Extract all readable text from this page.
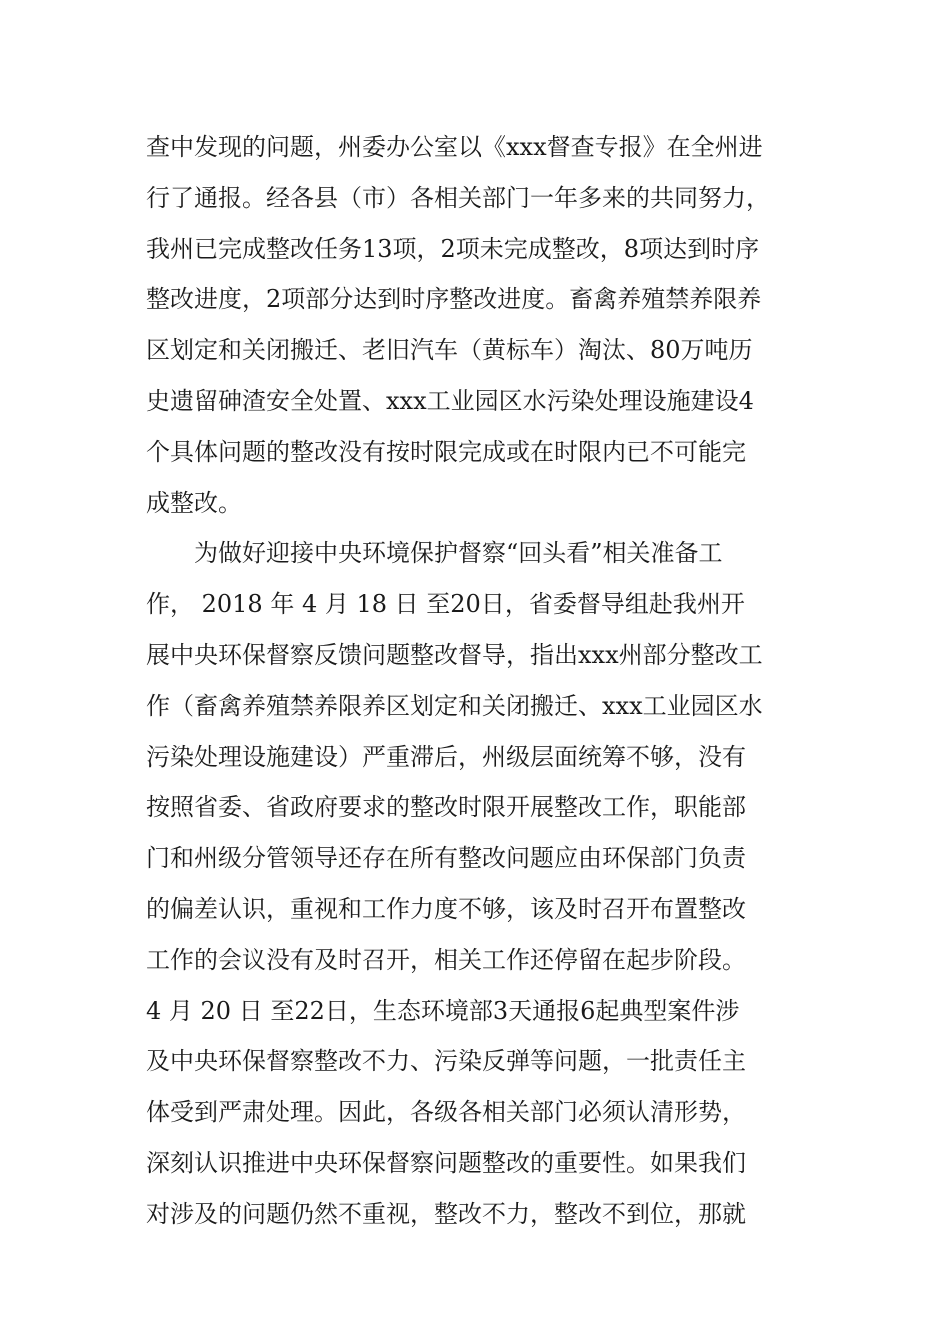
查中发现的问题，州委办公室以《xxx督查专报》在全州进
行了通报。经各县（市）各相关部门一年多来的共同努力，
我州已完成整改任务13项，2项未完成整改，8项达到时序
整改进度，2项部分达到时序整改进度。畜禽养殖禁养限养
区划定和关闭搬迁、老旧汽车（黄标车）淘汰、80万吨历
史遗留砷渣安全处置、xxx工业园区水污染处理设施建设4
个具体问题的整改没有按时限完成或在时限内已不可能完
成整改。
为做好迎接中央环境保护督察“回头看”相关准备工
作， 2018 年 4 月 18 日 至20日，省委督导组赴我州开
展中央环保督察反馈问题整改督导，指出xxx州部分整改工
作（畜禽养殖禁养限养区划定和关闭搬迁、xxx工业园区水
污染处理设施建设）严重滞后，州级层面统筹不够，没有
按照省委、省政府要求的整改时限开展整改工作，职能部
门和州级分管领导还存在所有整改问题应由环保部门负责
的偏差认识，重视和工作力度不够，该及时召开布置整改
工作的会议没有及时召开，相关工作还停留在起步阶段。
4 月 20 日 至22日，生态环境部3天通报6起典型案件涉
及中央环保督察整改不力、污染反弹等问题，一批责任主
体受到严肃处理。因此，各级各相关部门必须认清形势，
深刻认识推进中央环保督察问题整改的重要性。如果我们
对涉及的问题仍然不重视，整改不力，整改不到位，那就
